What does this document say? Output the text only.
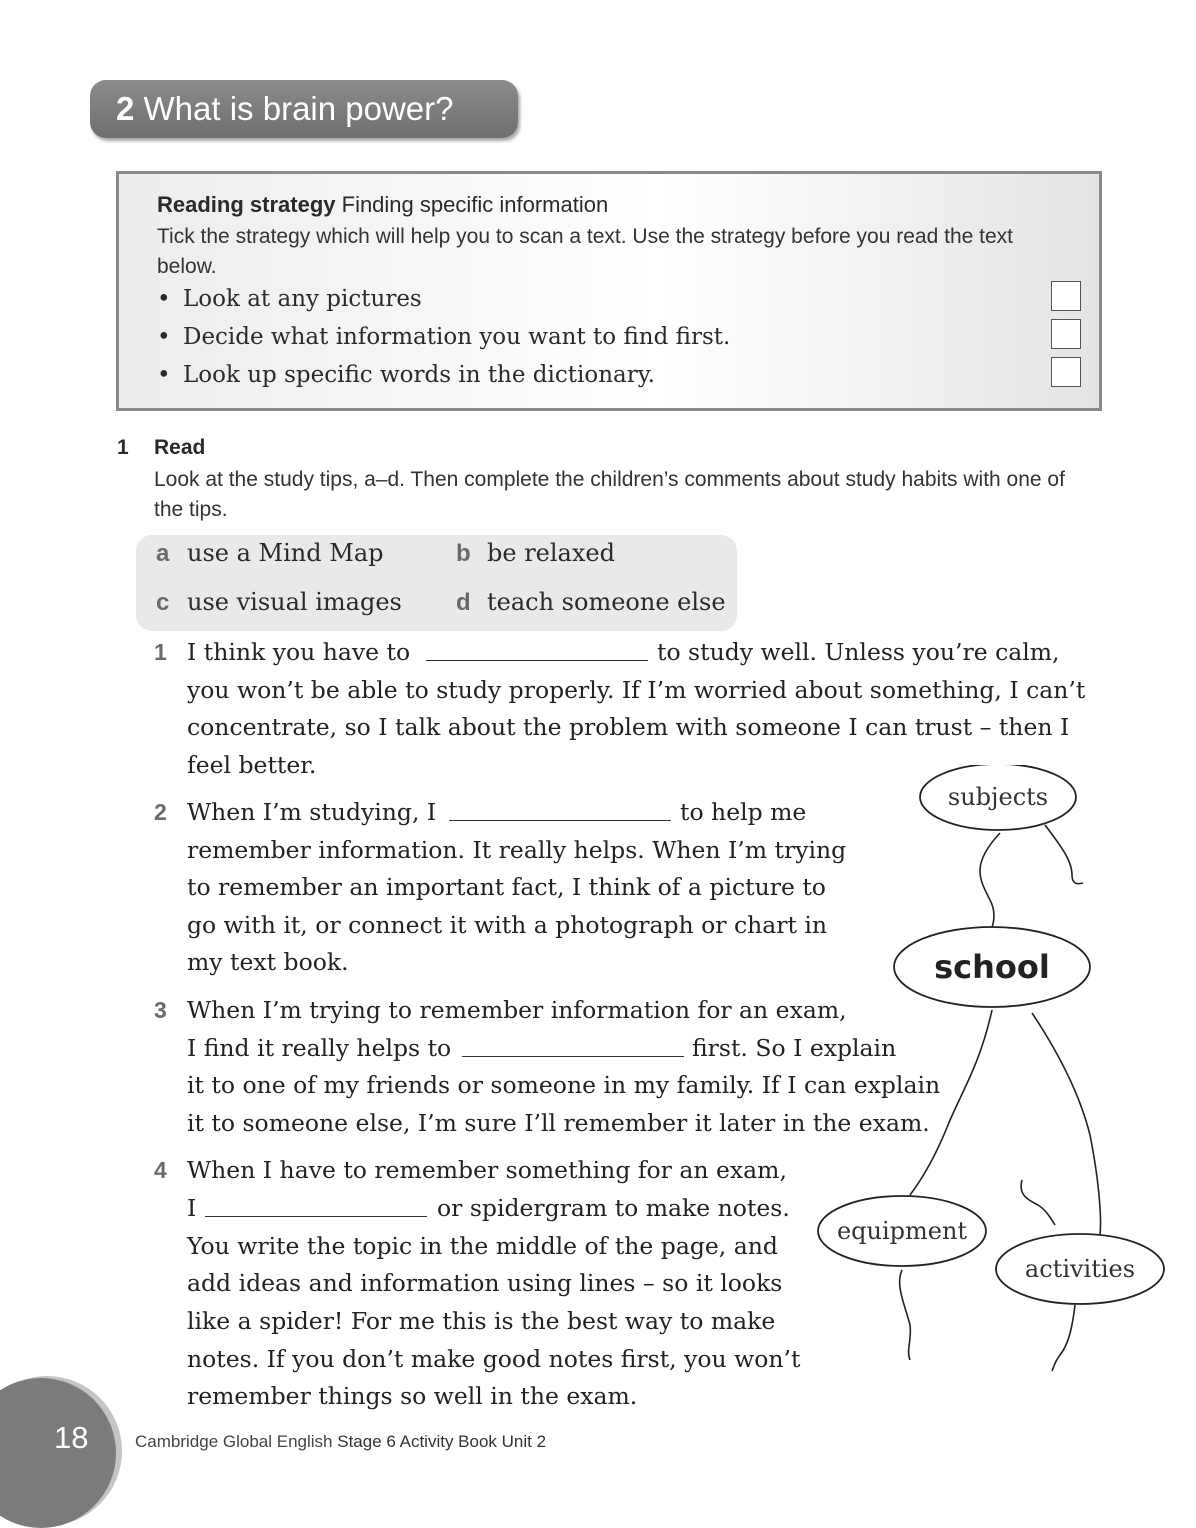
2 What is brain power?
Reading strategy Finding specific information
Tick the strategy which will help you to scan a text. Use the strategy before you read the text below.
• Look at any pictures
• Decide what information you want to find first.
• Look up specific words in the dictionary.
1 Read
Look at the study tips, a–d. Then complete the children’s comments about study habits with one of the tips.
a use a Mind Map	b be relaxed
c use visual images d teach someone else
1 I think you have to	to study well. Unless you’re calm,
you won’t be able to study properly. If I’m worried about something, I can’t
concentrate, so I talk about the problem with someone I can trust – then I
feel better.
2 When I’m studying, I	to help me
remember information. It really helps. When I’m trying
to remember an important fact, I think of a picture to
go with it, or connect it with a photograph or chart in
my text book.
3 When I’m trying to remember information for an exam,
I find it really helps to	first. So I explain
it to one of my friends or someone in my family. If I can explain
it to someone else, I’m sure I’ll remember it later in the exam.
4 When I have to remember something for an exam,
I	or spidergram to make notes.
You write the topic in the middle of the page, and
add ideas and information using lines – so it looks
like a spider! For me this is the best way to make
notes. If you don’t make good notes first, you won’t
remember things so well in the exam.
subjects
school
equipment
activities
18	Cambridge Global English Stage 6 Activity Book Unit 2
